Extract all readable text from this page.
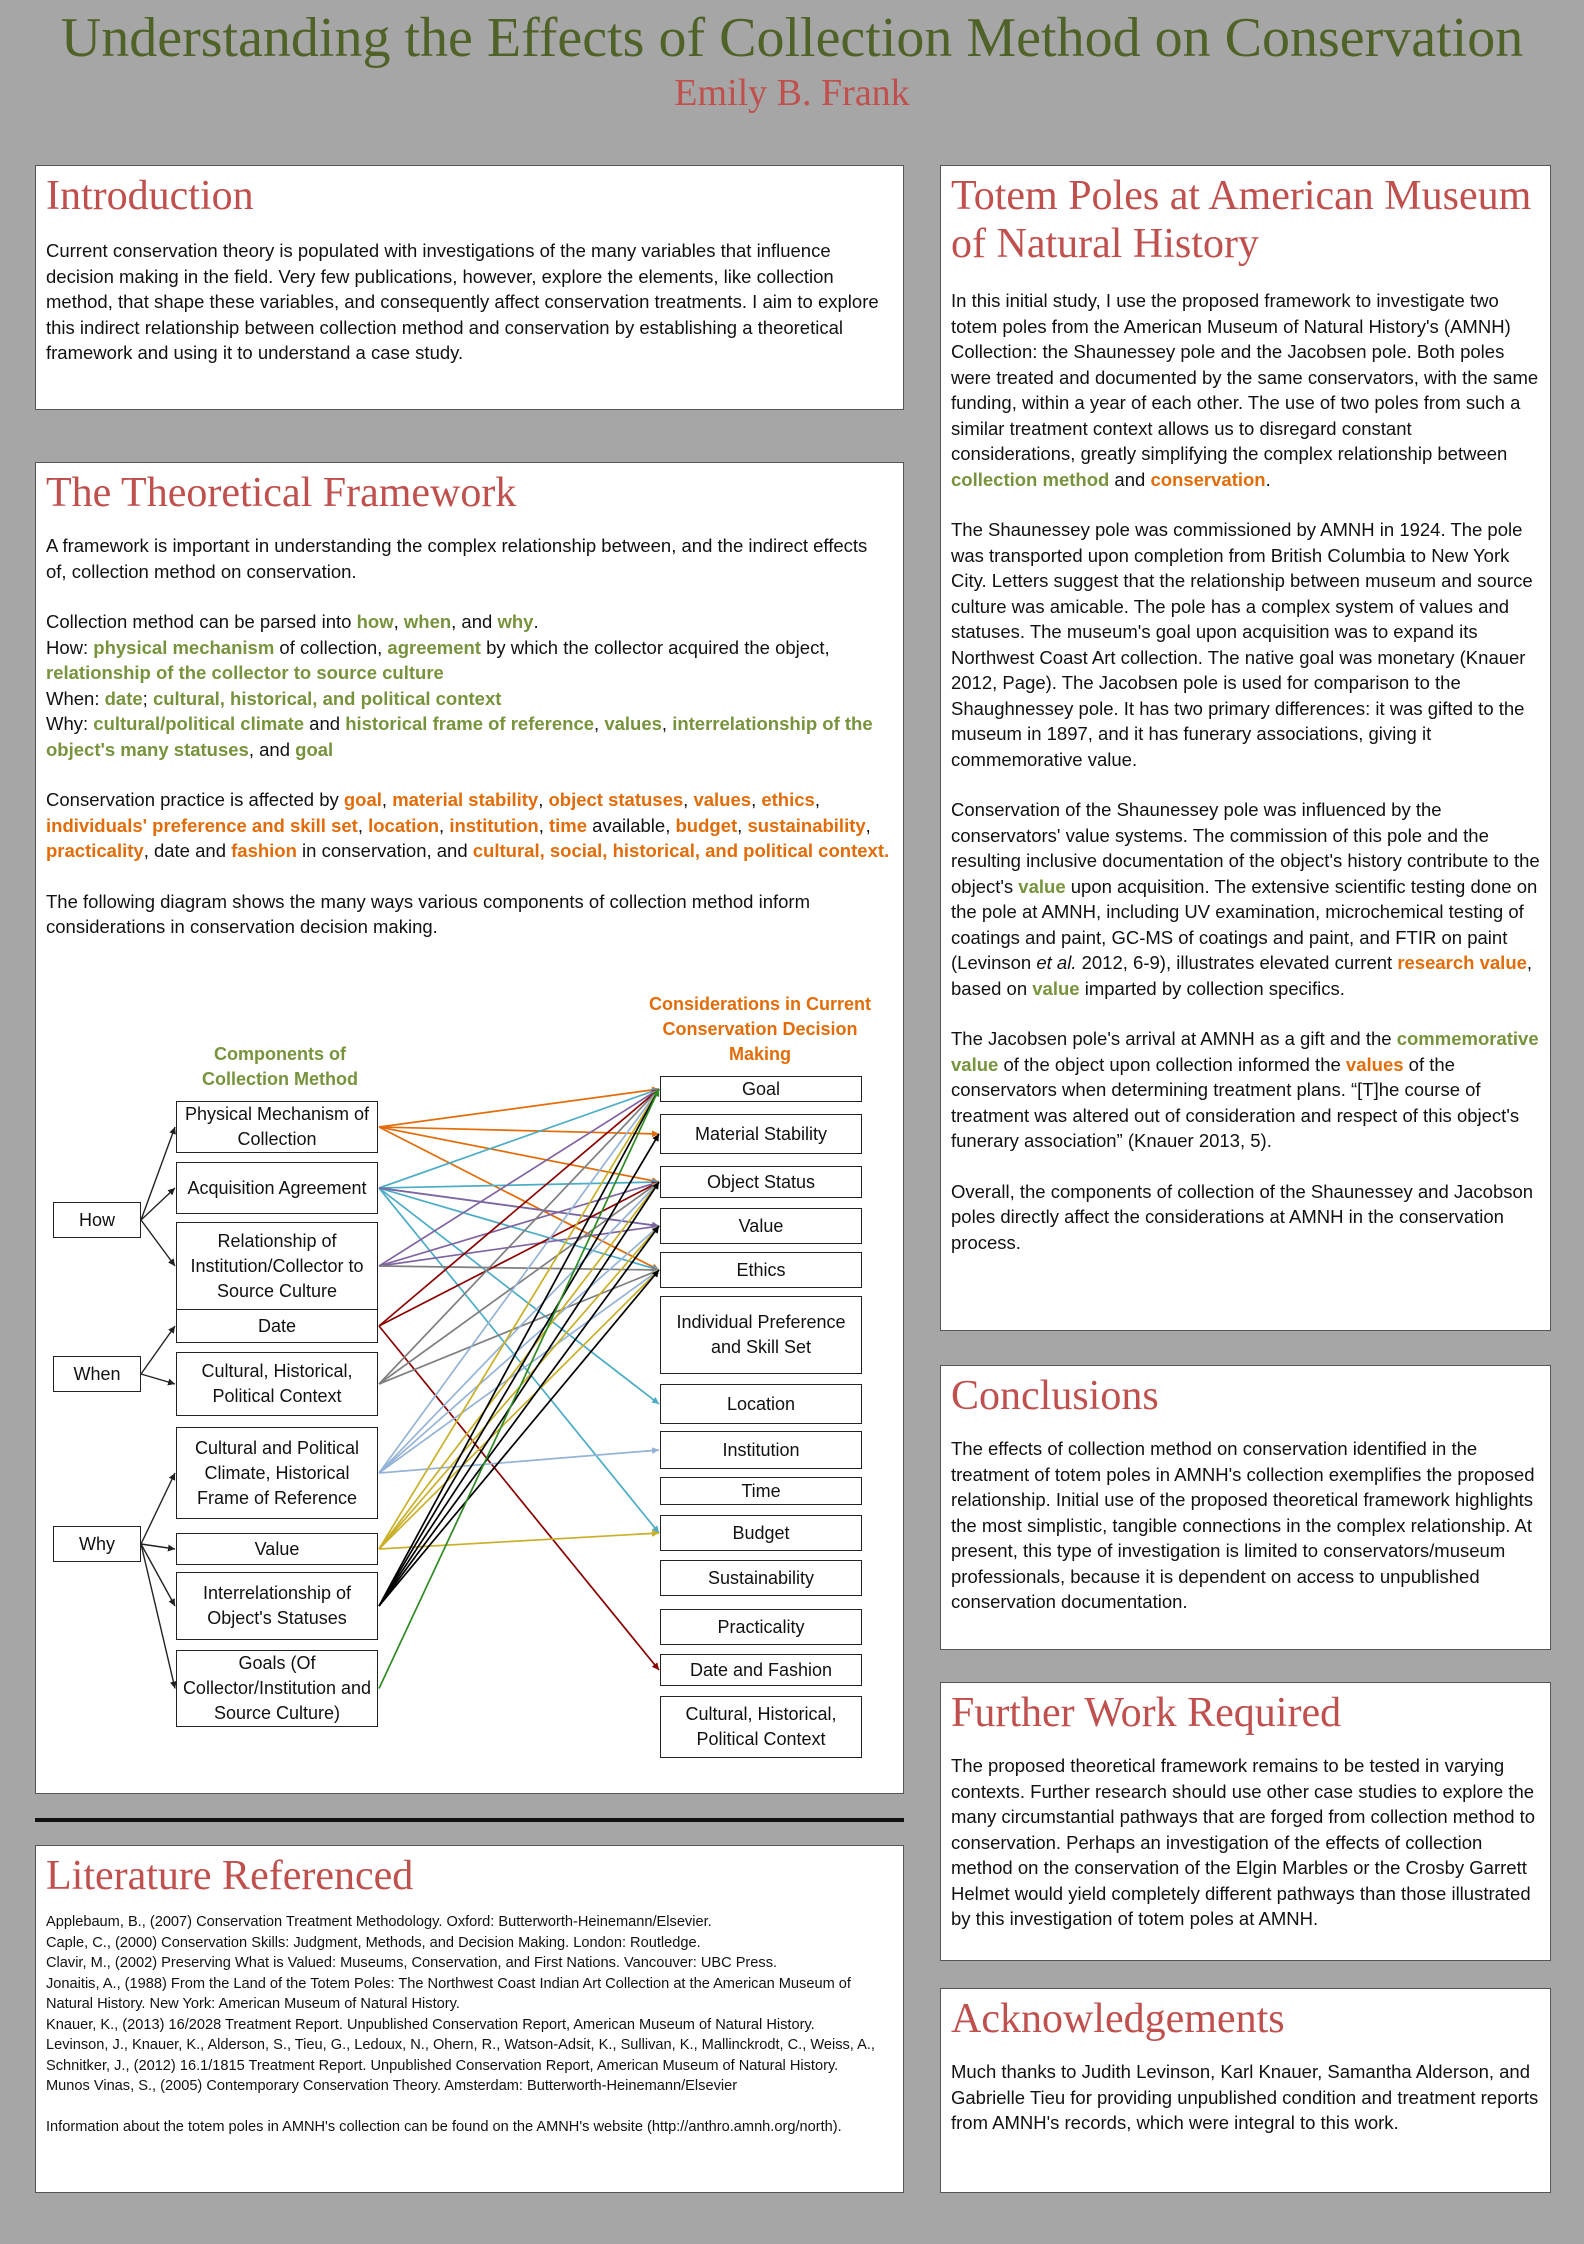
Understanding the Effects of Collection Method on Conservation
Emily B. Frank
Introduction

Current conservation theory is populated with investigations of the many variables that influence decision making in the field. Very few publications, however, explore the elements, like collection method, that shape these variables, and consequently affect conservation treatments. I aim to explore this indirect relationship between collection method and conservation by establishing a theoretical framework and using it to understand a case study.

The Theoretical Framework

A framework is important in understanding the complex relationship between, and the indirect effects of, collection method on conservation.

Collection method can be parsed into how, when, and why.

How: physical mechanism of collection, agreement by which the collector acquired the object, relationship of the collector to source culture

When: date; cultural, historical, and political context

Why: cultural/political climate and historical frame of reference, values, interrelationship of the object's many statuses, and goal

Conservation practice is affected by goal, material stability, object statuses, values, ethics, individuals' preference and skill set, location, institution, time available, budget, sustainability, practicality, date and fashion in conservation, and cultural, social, historical, and political context.

The following diagram shows the many ways various components of collection method inform considerations in conservation decision making.

Components of Collection Method
Considerations in Current Conservation Decision Making
How
When
Why
Physical Mechanism of Collection
Acquisition Agreement
Relationship of Institution/Collector to Source Culture
Date
Cultural, Historical, Political Context
Cultural and Political Climate, Historical Frame of Reference
Value
Interrelationship of Object's Statuses
Goals (Of Collector/Institution and Source Culture)
Goal
Material Stability
Object Status
Value
Ethics
Individual Preference and Skill Set
Location
Institution
Time
Budget
Sustainability
Practicality
Date and Fashion
Cultural, Historical, Political Context
Literature Referenced

Applebaum, B., (2007) Conservation Treatment Methodology. Oxford: Butterworth-Heinemann/Elsevier.

Caple, C., (2000) Conservation Skills: Judgment, Methods, and Decision Making. London: Routledge.

Clavir, M., (2002) Preserving What is Valued: Museums, Conservation, and First Nations. Vancouver: UBC Press.

Jonaitis, A., (1988) From the Land of the Totem Poles: The Northwest Coast Indian Art Collection at the American Museum of Natural History. New York: American Museum of Natural History.

Knauer, K., (2013) 16/2028 Treatment Report. Unpublished Conservation Report, American Museum of Natural History.

Levinson, J., Knauer, K., Alderson, S., Tieu, G., Ledoux, N., Ohern, R., Watson-Adsit, K., Sullivan, K., Mallinckrodt, C., Weiss, A., Schnitker, J., (2012) 16.1/1815 Treatment Report. Unpublished Conservation Report, American Museum of Natural History.

Munos Vinas, S., (2005) Contemporary Conservation Theory. Amsterdam: Butterworth-Heinemann/Elsevier

Information about the totem poles in AMNH's collection can be found on the AMNH's website (http://anthro.amnh.org/north).

Totem Poles at American Museum of Natural History

In this initial study, I use the proposed framework to investigate two totem poles from the American Museum of Natural History's (AMNH) Collection: the Shaunessey pole and the Jacobsen pole. Both poles were treated and documented by the same conservators, with the same funding, within a year of each other. The use of two poles from such a similar treatment context allows us to disregard constant considerations, greatly simplifying the complex relationship between collection method and conservation.

The Shaunessey pole was commissioned by AMNH in 1924. The pole was transported upon completion from British Columbia to New York City. Letters suggest that the relationship between museum and source culture was amicable. The pole has a complex system of values and statuses. The museum's goal upon acquisition was to expand its Northwest Coast Art collection. The native goal was monetary (Knauer 2012, Page). The Jacobsen pole is used for comparison to the Shaughnessey pole. It has two primary differences: it was gifted to the museum in 1897, and it has funerary associations, giving it commemorative value.

Conservation of the Shaunessey pole was influenced by the conservators' value systems. The commission of this pole and the resulting inclusive documentation of the object's history contribute to the object's value upon acquisition. The extensive scientific testing done on the pole at AMNH, including UV examination, microchemical testing of coatings and paint, GC-MS of coatings and paint, and FTIR on paint (Levinson et al. 2012, 6-9), illustrates elevated current research value, based on value imparted by collection specifics.

The Jacobsen pole's arrival at AMNH as a gift and the commemorative value of the object upon collection informed the values of the conservators when determining treatment plans. “[T]he course of treatment was altered out of consideration and respect of this object's funerary association” (Knauer 2013, 5).

Overall, the components of collection of the Shaunessey and Jacobson poles directly affect the considerations at AMNH in the conservation process.

Conclusions

The effects of collection method on conservation identified in the treatment of totem poles in AMNH's collection exemplifies the proposed relationship. Initial use of the proposed theoretical framework highlights the most simplistic, tangible connections in the complex relationship. At present, this type of investigation is limited to conservators/museum professionals, because it is dependent on access to unpublished conservation documentation.

Further Work Required

The proposed theoretical framework remains to be tested in varying contexts. Further research should use other case studies to explore the many circumstantial pathways that are forged from collection method to conservation. Perhaps an investigation of the effects of collection method on the conservation of the Elgin Marbles or the Crosby Garrett Helmet would yield completely different pathways than those illustrated by this investigation of totem poles at AMNH.

Acknowledgements

Much thanks to Judith Levinson, Karl Knauer, Samantha Alderson, and Gabrielle Tieu for providing unpublished condition and treatment reports from AMNH's records, which were integral to this work.
